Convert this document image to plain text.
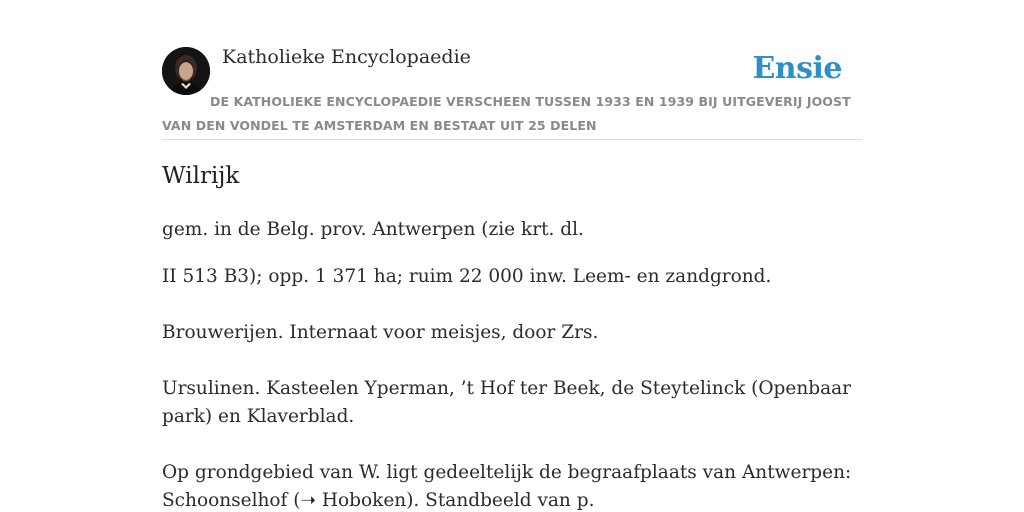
Katholieke Encyclopaedie	Ensie

DE KATHOLIEKE ENCYCLOPAEDIE VERSCHEEN TUSSEN 1933 EN 1939 BIJ UITGEVERIJ JOOST VAN DEN VONDEL TE AMSTERDAM EN BESTAAT UIT 25 DELEN

Wilrijk

gem. in de Belg. prov. Antwerpen (zie krt. dl.

II 513 B3); opp. 1 371 ha; ruim 22 000 inw. Leem- en zandgrond.

Brouwerijen. Internaat voor meisjes, door Zrs.

Ursulinen. Kasteelen Yperman, ’t Hof ter Beek, de Steytelinck (Openbaar park) en Klaverblad.

Op grondgebied van W. ligt gedeeltelijk de begraafplaats van Antwerpen: Schoonselhof (➝ Hoboken). Standbeeld van p.
